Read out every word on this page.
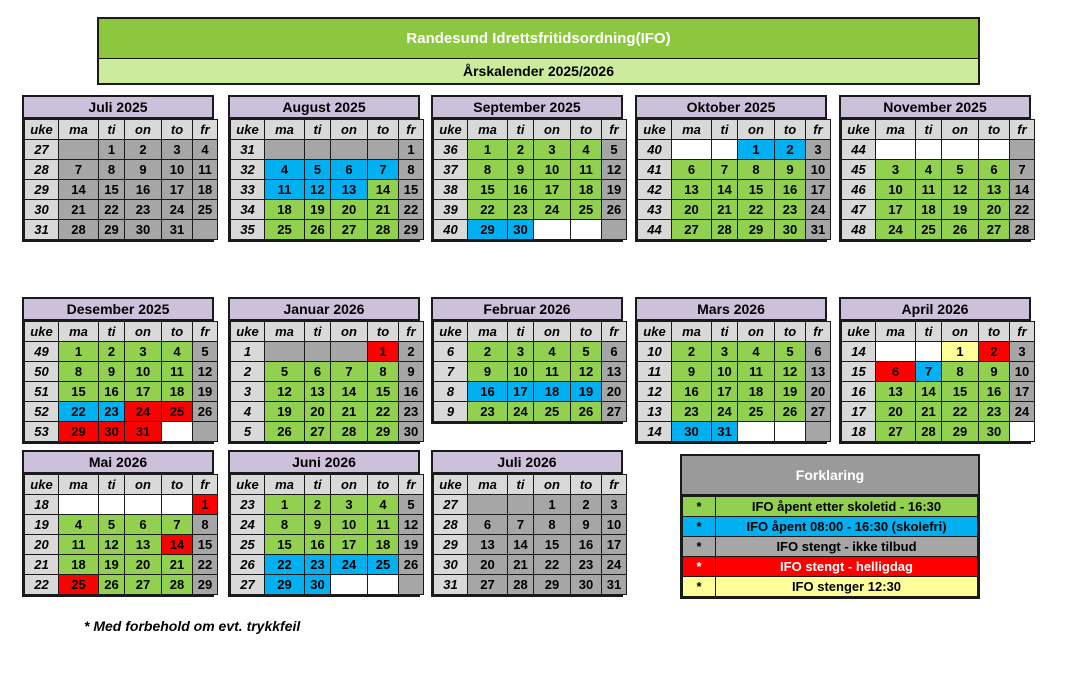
Randesund Idrettsfritidsordning(IFO)
Årskalender 2025/2026
Juli 2025
uke	ma	ti	on	to	fr
27		1	2	3	4
28	7	8	9	10	11
29	14	15	16	17	18
30	21	22	23	24	25
31	28	29	30	31	
August 2025
uke	ma	ti	on	to	fr
31					1
32	4	5	6	7	8
33	11	12	13	14	15
34	18	19	20	21	22
35	25	26	27	28	29
September 2025
uke	ma	ti	on	to	fr
36	1	2	3	4	5
37	8	9	10	11	12
38	15	16	17	18	19
39	22	23	24	25	26
40	29	30			
Oktober 2025
uke	ma	ti	on	to	fr
40			1	2	3
41	6	7	8	9	10
42	13	14	15	16	17
43	20	21	22	23	24
44	27	28	29	30	31
November 2025
uke	ma	ti	on	to	fr
44					
45	3	4	5	6	7
46	10	11	12	13	14
47	17	18	19	20	22
48	24	25	26	27	28
Desember 2025
uke	ma	ti	on	to	fr
49	1	2	3	4	5
50	8	9	10	11	12
51	15	16	17	18	19
52	22	23	24	25	26
53	29	30	31		
Januar 2026
uke	ma	ti	on	to	fr
1				1	2
2	5	6	7	8	9
3	12	13	14	15	16
4	19	20	21	22	23
5	26	27	28	29	30
Februar 2026
uke	ma	ti	on	to	fr
6	2	3	4	5	6
7	9	10	11	12	13
8	16	17	18	19	20
9	23	24	25	26	27
Mars 2026
uke	ma	ti	on	to	fr
10	2	3	4	5	6
11	9	10	11	12	13
12	16	17	18	19	20
13	23	24	25	26	27
14	30	31			
April 2026
uke	ma	ti	on	to	fr
14			1	2	3
15	6	7	8	9	10
16	13	14	15	16	17
17	20	21	22	23	24
18	27	28	29	30	
Mai 2026
uke	ma	ti	on	to	fr
18					1
19	4	5	6	7	8
20	11	12	13	14	15
21	18	19	20	21	22
22	25	26	27	28	29
Juni 2026
uke	ma	ti	on	to	fr
23	1	2	3	4	5
24	8	9	10	11	12
25	15	16	17	18	19
26	22	23	24	25	26
27	29	30			
Juli 2026
uke	ma	ti	on	to	fr
27			1	2	3
28	6	7	8	9	10
29	13	14	15	16	17
30	20	21	22	23	24
31	27	28	29	30	31
Forklaring
*	IFO åpent etter skoletid - 16:30
*	IFO åpent 08:00 - 16:30 (skolefri)
*	IFO stengt - ikke tilbud
*	IFO stengt - helligdag
*	IFO stenger 12:30
* Med forbehold om evt. trykkfeil
